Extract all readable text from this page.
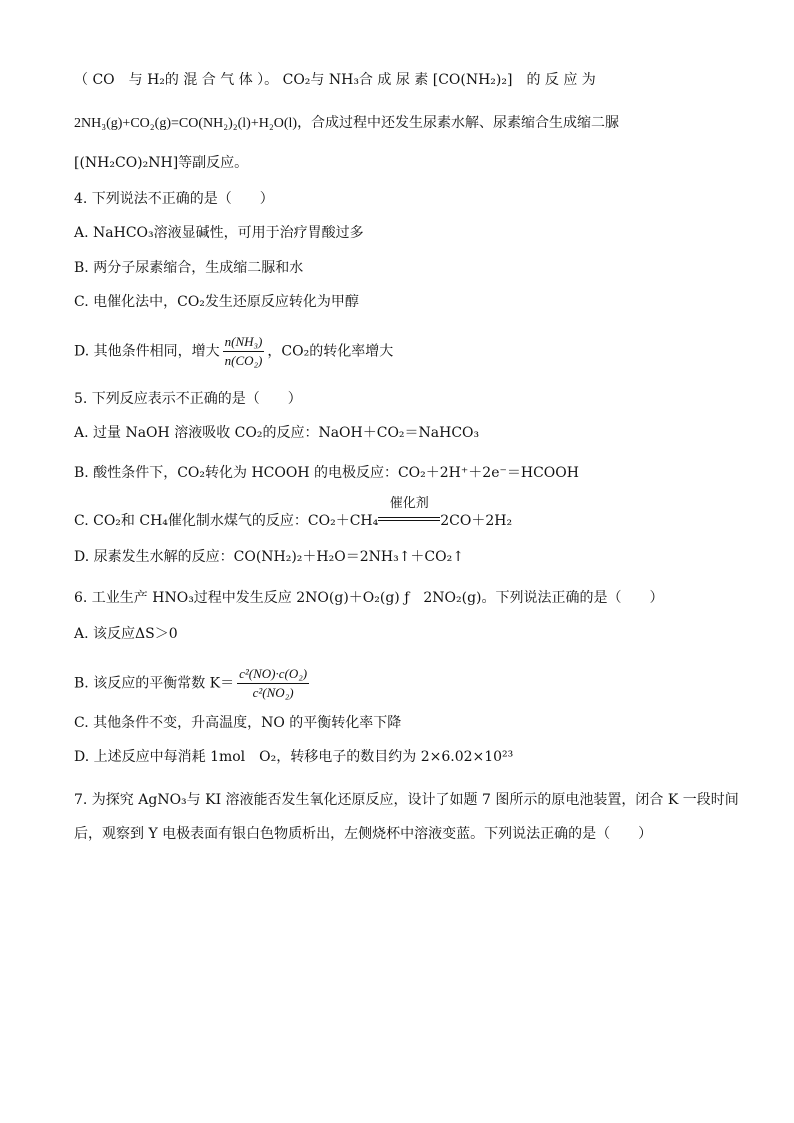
（ CO　与 H₂的 混 合 气 体 ）。 CO₂与 NH₃合 成 尿 素 [CO(NH₂)₂]　的 反 应 为
2NH₃(g)+CO₂(g)=CO(NH₂)₂(l)+H₂O(l)，合成过程中还发生尿素水解、尿素缩合生成缩二脲
[(NH₂CO)₂NH]等副反应。
4. 下列说法不正确的是（　　）
A. NaHCO₃溶液显碱性，可用于治疗胃酸过多
B. 两分子尿素缩合，生成缩二脲和水
C. 电催化法中，CO₂发生还原反应转化为甲醇
D. 其他条件相同，增大 $\frac{\text{n(NH₃)}}{\text{n(CO₂)}}$ ，CO₂的转化率增大
5. 下列反应表示不正确的是（　　）
A. 过量 NaOH 溶液吸收 CO₂的反应：NaOH＋CO₂＝NaHCO₃
B. 酸性条件下，CO₂转化为 HCOOH 的电极反应：CO₂＋2H⁺＋2e⁻＝HCOOH
C. CO₂和 CH₄催化制水煤气的反应：CO₂＋CH₄
催化剂
2CO＋2H₂
D. 尿素发生水解的反应：CO(NH₂)₂＋H₂O＝2NH₃↑＋CO₂↑
6. 工业生产 HNO₃过程中发生反应 2NO(g)＋O₂(g) ƒ　2NO₂(g)。下列说法正确的是（　　）
A. 该反应ΔS＞0
B. 该反应的平衡常数 $K= \frac{\text{c²(NO)·c(O₂)}}{\text{c²(NO₂)}}$
C. 其他条件不变，升高温度，NO 的平衡转化率下降
D. 上述反应中每消耗 1mol　O₂，转移电子的数目约为 2×6.02×10²³
7. 为探究 AgNO₃与 KI 溶液能否发生氧化还原反应，设计了如题 7 图所示的原电池装置，闭合 K 一段时间
后，观察到 Y 电极表面有银白色物质析出，左侧烧杯中溶液变蓝。下列说法正确的是（　　）
